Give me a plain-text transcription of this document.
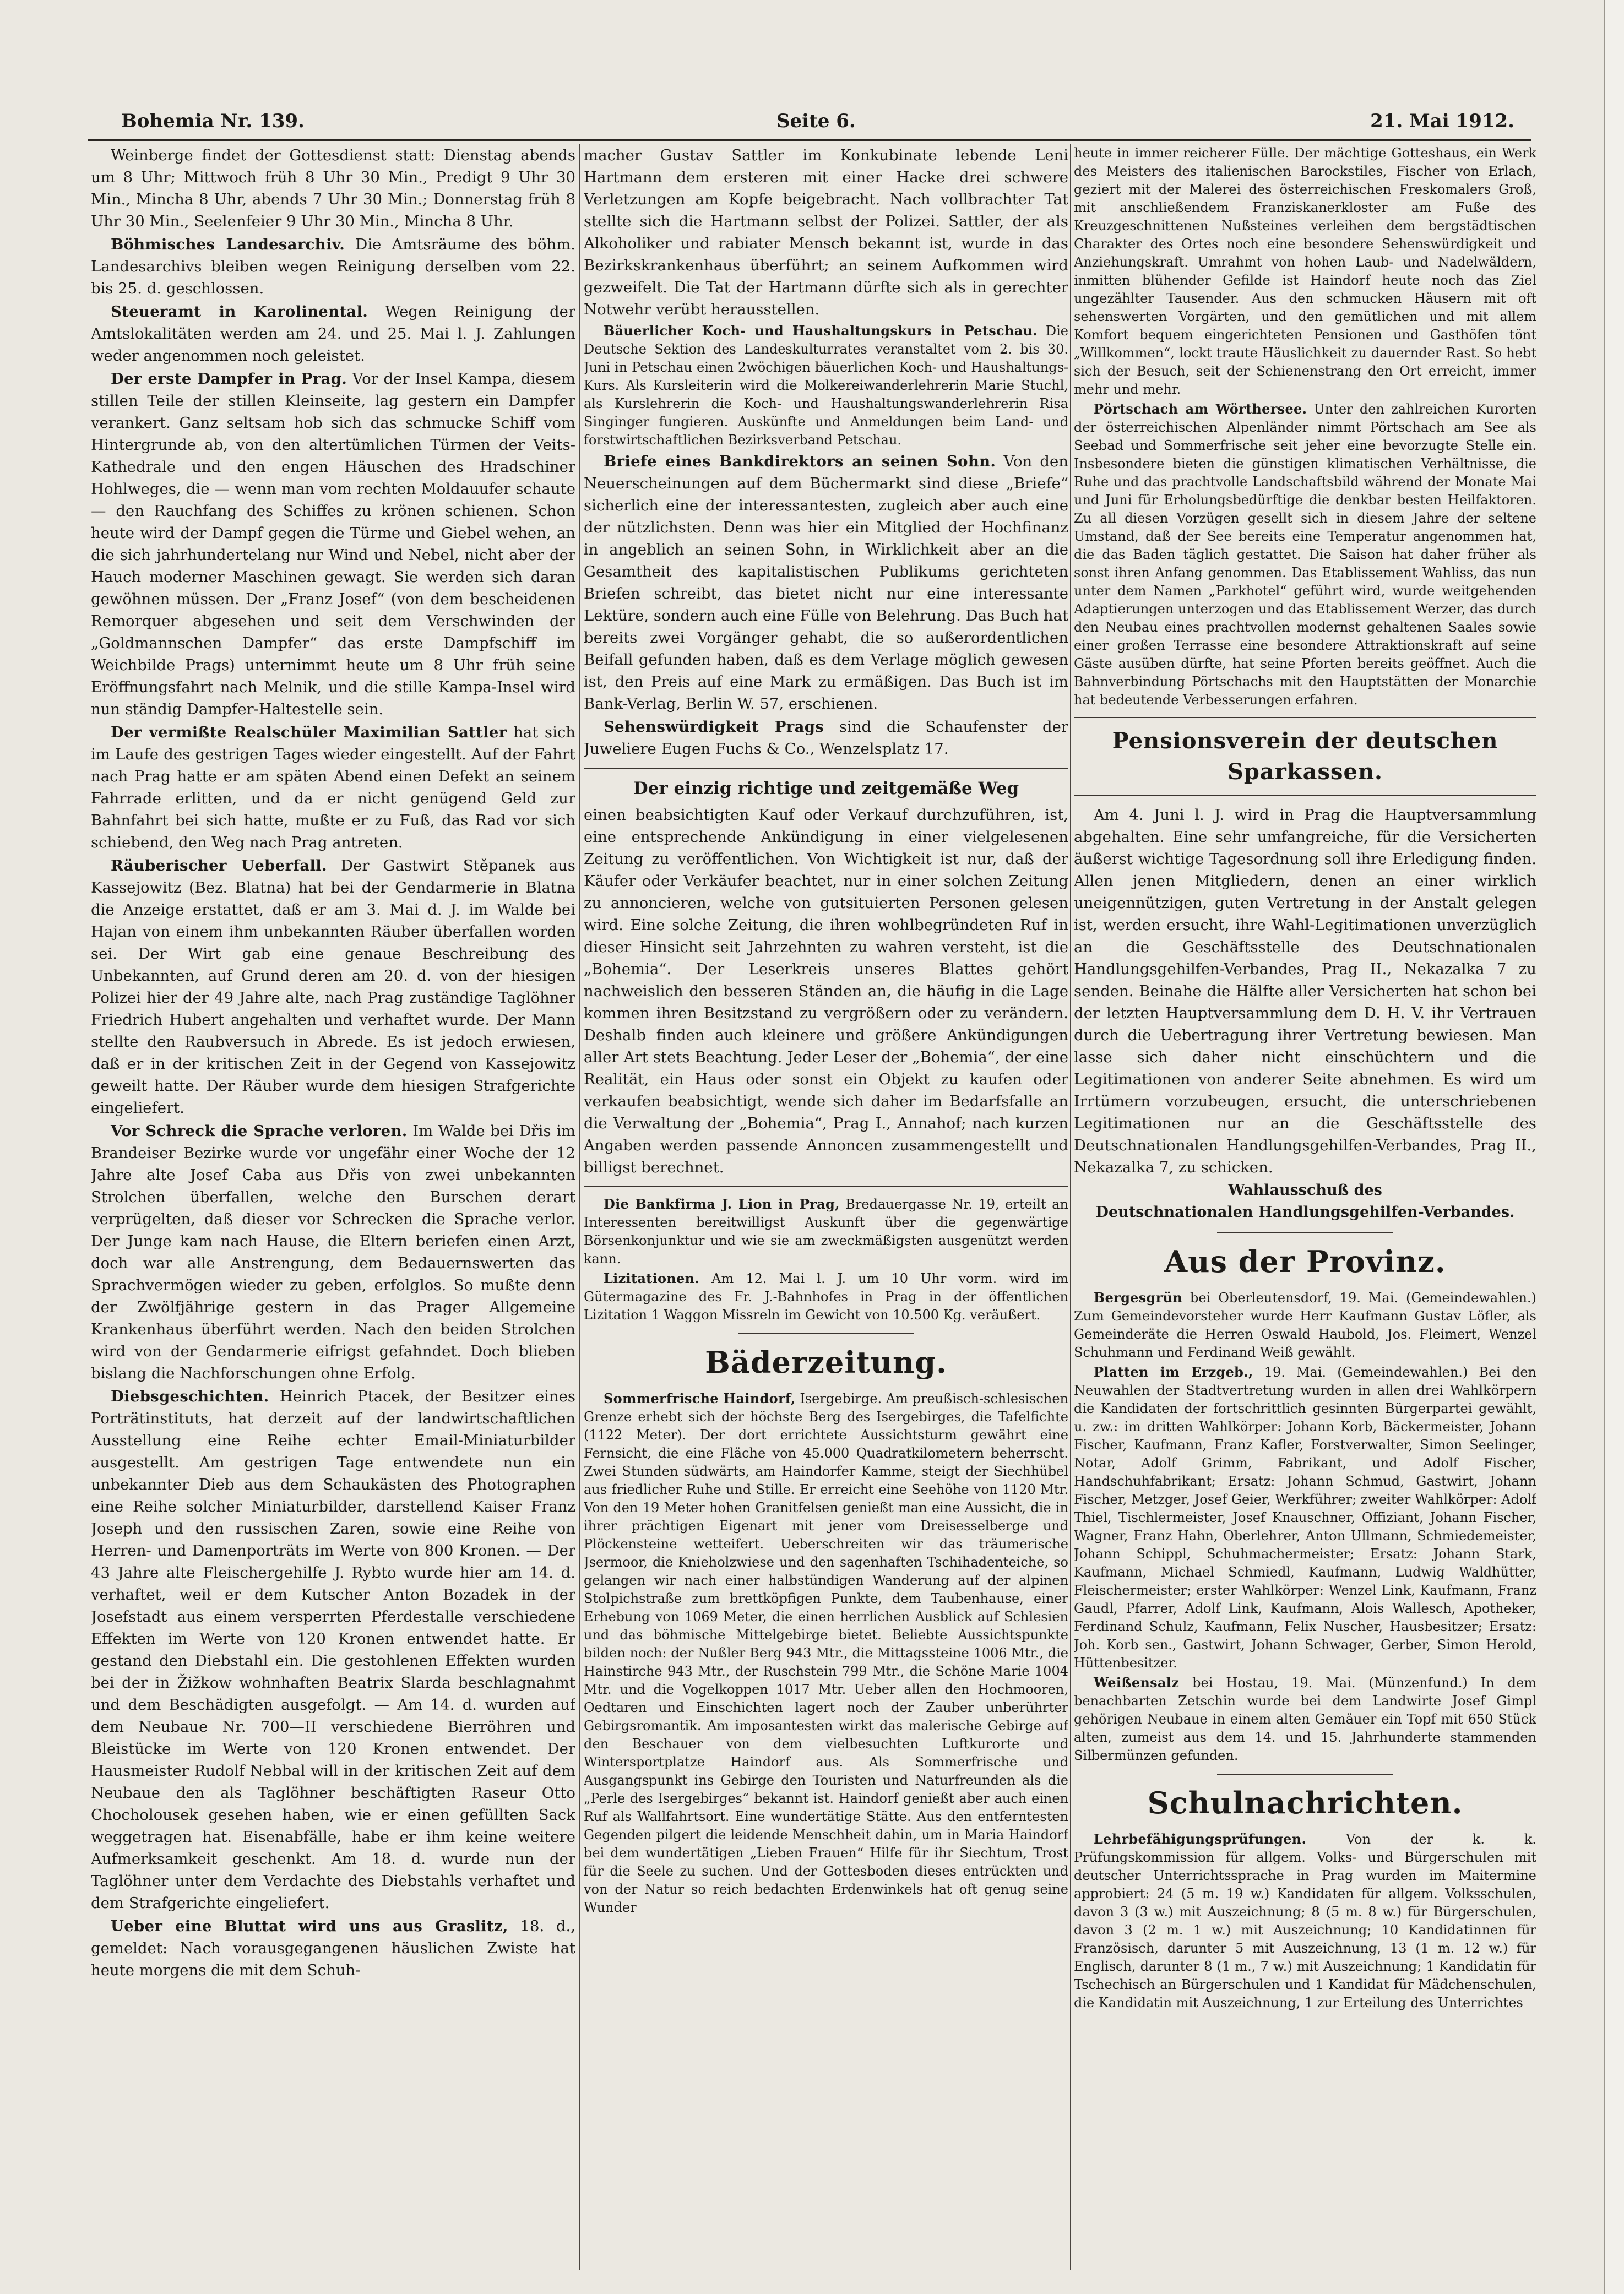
Bohemia Nr. 139.	Seite 6.	21. Mai 1912.

Weinberge findet der Gottesdienst statt: Dienstag abends um 8 Uhr; Mittwoch früh 8 Uhr 30 Min., Predigt 9 Uhr 30 Min., Mincha 8 Uhr, abends 7 Uhr 30 Min.; Donnerstag früh 8 Uhr 30 Min., Seelenfeier 9 Uhr 30 Min., Mincha 8 Uhr.

Böhmisches Landesarchiv. Die Amtsräume des böhm. Landesarchivs bleiben wegen Reinigung derselben vom 22. bis 25. d. geschlossen.

Steueramt in Karolinental. Wegen Reinigung der Amtslokalitäten werden am 24. und 25. Mai l. J. Zahlungen weder angenommen noch geleistet.

Der erste Dampfer in Prag. Vor der Insel Kampa, diesem stillen Teile der stillen Kleinseite, lag gestern ein Dampfer verankert. Ganz seltsam hob sich das schmucke Schiff vom Hintergrunde ab, von den altertümlichen Türmen der Veits-Kathedrale und den engen Häuschen des Hradschiner Hohlweges, die — wenn man vom rechten Moldauufer schaute — den Rauchfang des Schiffes zu krönen schienen. Schon heute wird der Dampf gegen die Türme und Giebel wehen, an die sich jahrhundertelang nur Wind und Nebel, nicht aber der Hauch moderner Maschinen gewagt. Sie werden sich daran gewöhnen müssen. Der „Franz Josef“ (von dem bescheidenen Remorquer abgesehen und seit dem Verschwinden der „Goldmannschen Dampfer“ das erste Dampfschiff im Weichbilde Prags) unternimmt heute um 8 Uhr früh seine Eröffnungsfahrt nach Melnik, und die stille Kampa-Insel wird nun ständig Dampfer-Haltestelle sein.

Der vermißte Realschüler Maximilian Sattler hat sich im Laufe des gestrigen Tages wieder eingestellt. Auf der Fahrt nach Prag hatte er am späten Abend einen Defekt an seinem Fahrrade erlitten, und da er nicht genügend Geld zur Bahnfahrt bei sich hatte, mußte er zu Fuß, das Rad vor sich schiebend, den Weg nach Prag antreten.

Räuberischer Ueberfall. Der Gastwirt Stěpanek aus Kassejowitz (Bez. Blatna) hat bei der Gendarmerie in Blatna die Anzeige erstattet, daß er am 3. Mai d. J. im Walde bei Hajan von einem ihm unbekannten Räuber überfallen worden sei. Der Wirt gab eine genaue Beschreibung des Unbekannten, auf Grund deren am 20. d. von der hiesigen Polizei hier der 49 Jahre alte, nach Prag zuständige Taglöhner Friedrich Hubert angehalten und verhaftet wurde. Der Mann stellte den Raubversuch in Abrede. Es ist jedoch erwiesen, daß er in der kritischen Zeit in der Gegend von Kassejowitz geweilt hatte. Der Räuber wurde dem hiesigen Strafgerichte eingeliefert.

Vor Schreck die Sprache verloren. Im Walde bei Dřis im Brandeiser Bezirke wurde vor ungefähr einer Woche der 12 Jahre alte Josef Caba aus Dřis von zwei unbekannten Strolchen überfallen, welche den Burschen derart verprügelten, daß dieser vor Schrecken die Sprache verlor. Der Junge kam nach Hause, die Eltern beriefen einen Arzt, doch war alle Anstrengung, dem Bedauernswerten das Sprachvermögen wieder zu geben, erfolglos. So mußte denn der Zwölfjährige gestern in das Prager Allgemeine Krankenhaus überführt werden. Nach den beiden Strolchen wird von der Gendarmerie eifrigst gefahndet. Doch blieben bislang die Nachforschungen ohne Erfolg.

Diebsgeschichten. Heinrich Ptacek, der Besitzer eines Porträtinstituts, hat derzeit auf der landwirtschaftlichen Ausstellung eine Reihe echter Email-Miniaturbilder ausgestellt. Am gestrigen Tage entwendete nun ein unbekannter Dieb aus dem Schaukästen des Photographen eine Reihe solcher Miniaturbilder, darstellend Kaiser Franz Joseph und den russischen Zaren, sowie eine Reihe von Herren- und Damenporträts im Werte von 800 Kronen. — Der 43 Jahre alte Fleischergehilfe J. Rybto wurde hier am 14. d. verhaftet, weil er dem Kutscher Anton Bozadek in der Josefstadt aus einem versperrten Pferdestalle verschiedene Effekten im Werte von 120 Kronen entwendet hatte. Er gestand den Diebstahl ein. Die gestohlenen Effekten wurden bei der in Žižkow wohnhaften Beatrix Slarda beschlagnahmt und dem Beschädigten ausgefolgt. — Am 14. d. wurden auf dem Neubaue Nr. 700—II verschiedene Bierröhren und Bleistücke im Werte von 120 Kronen entwendet. Der Hausmeister Rudolf Nebbal will in der kritischen Zeit auf dem Neubaue den als Taglöhner beschäftigten Raseur Otto Chocholousek gesehen haben, wie er einen gefüllten Sack weggetragen hat. Eisenabfälle, habe er ihm keine weitere Aufmerksamkeit geschenkt. Am 18. d. wurde nun der Taglöhner unter dem Verdachte des Diebstahls verhaftet und dem Strafgerichte eingeliefert.

Ueber eine Bluttat wird uns aus Graslitz, 18. d., gemeldet: Nach vorausgegangenen häuslichen Zwiste hat heute morgens die mit dem Schuh-

macher Gustav Sattler im Konkubinate lebende Leni Hartmann dem ersteren mit einer Hacke drei schwere Verletzungen am Kopfe beigebracht. Nach vollbrachter Tat stellte sich die Hartmann selbst der Polizei. Sattler, der als Alkoholiker und rabiater Mensch bekannt ist, wurde in das Bezirkskrankenhaus überführt; an seinem Aufkommen wird gezweifelt. Die Tat der Hartmann dürfte sich als in gerechter Notwehr verübt herausstellen.

Bäuerlicher Koch- und Haushaltungskurs in Petschau. Die Deutsche Sektion des Landeskulturrates veranstaltet vom 2. bis 30. Juni in Petschau einen 2wöchigen bäuerlichen Koch- und Haushaltungs-Kurs. Als Kursleiterin wird die Molkereiwanderlehrerin Marie Stuchl, als Kurslehrerin die Koch- und Haushaltungswanderlehrerin Risa Singinger fungieren. Auskünfte und Anmeldungen beim Land- und forstwirtschaftlichen Bezirksverband Petschau.

Briefe eines Bankdirektors an seinen Sohn. Von den Neuerscheinungen auf dem Büchermarkt sind diese „Briefe“ sicherlich eine der interessantesten, zugleich aber auch eine der nützlichsten. Denn was hier ein Mitglied der Hochfinanz in angeblich an seinen Sohn, in Wirklichkeit aber an die Gesamtheit des kapitalistischen Publikums gerichteten Briefen schreibt, das bietet nicht nur eine interessante Lektüre, sondern auch eine Fülle von Belehrung. Das Buch hat bereits zwei Vorgänger gehabt, die so außerordentlichen Beifall gefunden haben, daß es dem Verlage möglich gewesen ist, den Preis auf eine Mark zu ermäßigen. Das Buch ist im Bank-Verlag, Berlin W. 57, erschienen.

Sehenswürdigkeit Prags sind die Schaufenster der Juweliere Eugen Fuchs & Co., Wenzelsplatz 17.

Der einzig richtige und zeitgemäße Weg

einen beabsichtigten Kauf oder Verkauf durchzuführen, ist, eine entsprechende Ankündigung in einer vielgelesenen Zeitung zu veröffentlichen. Von Wichtigkeit ist nur, daß der Käufer oder Verkäufer beachtet, nur in einer solchen Zeitung zu annoncieren, welche von gutsituierten Personen gelesen wird. Eine solche Zeitung, die ihren wohlbegründeten Ruf in dieser Hinsicht seit Jahrzehnten zu wahren versteht, ist die „Bohemia“. Der Leserkreis unseres Blattes gehört nachweislich den besseren Ständen an, die häufig in die Lage kommen ihren Besitzstand zu vergrößern oder zu verändern. Deshalb finden auch kleinere und größere Ankündigungen aller Art stets Beachtung. Jeder Leser der „Bohemia“, der eine Realität, ein Haus oder sonst ein Objekt zu kaufen oder verkaufen beabsichtigt, wende sich daher im Bedarfsfalle an die Verwaltung der „Bohemia“, Prag I., Annahof; nach kurzen Angaben werden passende Annoncen zusammengestellt und billigst berechnet.

Die Bankfirma J. Lion in Prag, Bredauergasse Nr. 19, erteilt an Interessenten bereitwilligst Auskunft über die gegenwärtige Börsenkonjunktur und wie sie am zweckmäßigsten ausgenützt werden kann.

Lizitationen. Am 12. Mai l. J. um 10 Uhr vorm. wird im Gütermagazine des Fr. J.-Bahnhofes in Prag in der öffentlichen Lizitation 1 Waggon Missreln im Gewicht von 10.500 Kg. veräußert.

Bäderzeitung.

Sommerfrische Haindorf, Isergebirge. Am preußisch-schlesischen Grenze erhebt sich der höchste Berg des Isergebirges, die Tafelfichte (1122 Meter). Der dort errichtete Aussichtsturm gewährt eine Fernsicht, die eine Fläche von 45.000 Quadratkilometern beherrscht. Zwei Stunden südwärts, am Haindorfer Kamme, steigt der Siechhübel aus friedlicher Ruhe und Stille. Er erreicht eine Seehöhe von 1120 Mtr. Von den 19 Meter hohen Granitfelsen genießt man eine Aussicht, die in ihrer prächtigen Eigenart mit jener vom Dreisesselberge und Plöckensteine wetteifert. Ueberschreiten wir das träumerische Jsermoor, die Knieholzwiese und den sagenhaften Tschihadenteiche, so gelangen wir nach einer halbstündigen Wanderung auf der alpinen Stolpichstraße zum brettköpfigen Punkte, dem Taubenhause, einer Erhebung von 1069 Meter, die einen herrlichen Ausblick auf Schlesien und das böhmische Mittelgebirge bietet. Beliebte Aussichtspunkte bilden noch: der Nußler Berg 943 Mtr., die Mittagssteine 1006 Mtr., die Hainstirche 943 Mtr., der Ruschstein 799 Mtr., die Schöne Marie 1004 Mtr. und die Vogelkoppen 1017 Mtr. Ueber allen den Hochmooren, Oedtaren und Einschichten lagert noch der Zauber unberührter Gebirgsromantik. Am imposantesten wirkt das malerische Gebirge auf den Beschauer von dem vielbesuchten Luftkurorte und Wintersportplatze Haindorf aus. Als Sommerfrische und Ausgangspunkt ins Gebirge den Touristen und Naturfreunden als die „Perle des Isergebirges“ bekannt ist. Haindorf genießt aber auch einen Ruf als Wallfahrtsort. Eine wundertätige Stätte. Aus den entferntesten Gegenden pilgert die leidende Menschheit dahin, um in Maria Haindorf bei dem wundertätigen „Lieben Frauen“ Hilfe für ihr Siechtum, Trost für die Seele zu suchen. Und der Gottesboden dieses entrückten und von der Natur so reich bedachten Erdenwinkels hat oft genug seine Wunder

heute in immer reicherer Fülle. Der mächtige Gotteshaus, ein Werk des Meisters des italienischen Barockstiles, Fischer von Erlach, geziert mit der Malerei des österreichischen Freskomalers Groß, mit anschließendem Franziskanerkloster am Fuße des Kreuzgeschnittenen Nußsteines verleihen dem bergstädtischen Charakter des Ortes noch eine besondere Sehenswürdigkeit und Anziehungskraft. Umrahmt von hohen Laub- und Nadelwäldern, inmitten blühender Gefilde ist Haindorf heute noch das Ziel ungezählter Tausender. Aus den schmucken Häusern mit oft sehenswerten Vorgärten, und den gemütlichen und mit allem Komfort bequem eingerichteten Pensionen und Gasthöfen tönt „Willkommen“, lockt traute Häuslichkeit zu dauernder Rast. So hebt sich der Besuch, seit der Schienenstrang den Ort erreicht, immer mehr und mehr.

Pörtschach am Wörthersee. Unter den zahlreichen Kurorten der österreichischen Alpenländer nimmt Pörtschach am See als Seebad und Sommerfrische seit jeher eine bevorzugte Stelle ein. Insbesondere bieten die günstigen klimatischen Verhältnisse, die Ruhe und das prachtvolle Landschaftsbild während der Monate Mai und Juni für Erholungsbedürftige die denkbar besten Heilfaktoren. Zu all diesen Vorzügen gesellt sich in diesem Jahre der seltene Umstand, daß der See bereits eine Temperatur angenommen hat, die das Baden täglich gestattet. Die Saison hat daher früher als sonst ihren Anfang genommen. Das Etablissement Wahliss, das nun unter dem Namen „Parkhotel“ geführt wird, wurde weitgehenden Adaptierungen unterzogen und das Etablissement Werzer, das durch den Neubau eines prachtvollen modernst gehaltenen Saales sowie einer großen Terrasse eine besondere Attraktionskraft auf seine Gäste ausüben dürfte, hat seine Pforten bereits geöffnet. Auch die Bahnverbindung Pörtschachs mit den Hauptstätten der Monarchie hat bedeutende Verbesserungen erfahren.

Pensionsverein der deutschen Sparkassen.

Am 4. Juni l. J. wird in Prag die Hauptversammlung abgehalten. Eine sehr umfangreiche, für die Versicherten äußerst wichtige Tagesordnung soll ihre Erledigung finden. Allen jenen Mitgliedern, denen an einer wirklich uneigennützigen, guten Vertretung in der Anstalt gelegen ist, werden ersucht, ihre Wahl-Legitimationen unverzüglich an die Geschäftsstelle des Deutschnationalen Handlungsgehilfen-Verbandes, Prag II., Nekazalka 7 zu senden. Beinahe die Hälfte aller Versicherten hat schon bei der letzten Hauptversammlung dem D. H. V. ihr Vertrauen durch die Uebertragung ihrer Vertretung bewiesen. Man lasse sich daher nicht einschüchtern und die Legitimationen von anderer Seite abnehmen. Es wird um Irrtümern vorzubeugen, ersucht, die unterschriebenen Legitimationen nur an die Geschäftsstelle des Deutschnationalen Handlungsgehilfen-Verbandes, Prag II., Nekazalka 7, zu schicken.

Wahlausschuß des
Deutschnationalen Handlungsgehilfen-Verbandes.
Aus der Provinz.

Bergesgrün bei Oberleutensdorf, 19. Mai. (Gemeindewahlen.) Zum Gemeindevorsteher wurde Herr Kaufmann Gustav Löfler, als Gemeinderäte die Herren Oswald Haubold, Jos. Fleimert, Wenzel Schuhmann und Ferdinand Weiß gewählt.

Platten im Erzgeb., 19. Mai. (Gemeindewahlen.) Bei den Neuwahlen der Stadtvertretung wurden in allen drei Wahlkörpern die Kandidaten der fortschrittlich gesinnten Bürgerpartei gewählt, u. zw.: im dritten Wahlkörper: Johann Korb, Bäckermeister, Johann Fischer, Kaufmann, Franz Kafler, Forstverwalter, Simon Seelinger, Notar, Adolf Grimm, Fabrikant, und Adolf Fischer, Handschuhfabrikant; Ersatz: Johann Schmud, Gastwirt, Johann Fischer, Metzger, Josef Geier, Werkführer; zweiter Wahlkörper: Adolf Thiel, Tischlermeister, Josef Knauschner, Offiziant, Johann Fischer, Wagner, Franz Hahn, Oberlehrer, Anton Ullmann, Schmiedemeister, Johann Schippl, Schuhmachermeister; Ersatz: Johann Stark, Kaufmann, Michael Schmiedl, Kaufmann, Ludwig Waldhütter, Fleischermeister; erster Wahlkörper: Wenzel Link, Kaufmann, Franz Gaudl, Pfarrer, Adolf Link, Kaufmann, Alois Wallesch, Apotheker, Ferdinand Schulz, Kaufmann, Felix Nuscher, Hausbesitzer; Ersatz: Joh. Korb sen., Gastwirt, Johann Schwager, Gerber, Simon Herold, Hüttenbesitzer.

Weißensalz bei Hostau, 19. Mai. (Münzenfund.) In dem benachbarten Zetschin wurde bei dem Landwirte Josef Gimpl gehörigen Neubaue in einem alten Gemäuer ein Topf mit 650 Stück alten, zumeist aus dem 14. und 15. Jahrhunderte stammenden Silbermünzen gefunden.

Schulnachrichten.

Lehrbefähigungsprüfungen.	Von der k. k. Prüfungskommission für allgem. Volks- und Bürgerschulen mit deutscher Unterrichtssprache in Prag wurden im Maitermine approbiert: 24 (5 m. 19 w.) Kandidaten für allgem. Volksschulen, davon 3 (3 w.) mit Auszeichnung; 8 (5 m. 8 w.) für Bürgerschulen, davon 3 (2 m. 1 w.) mit Auszeichnung; 10 Kandidatinnen für Französisch, darunter 5 mit Auszeichnung, 13 (1 m. 12 w.) für Englisch, darunter 8 (1 m., 7 w.) mit Auszeichnung; 1 Kandidatin für Tschechisch an Bürgerschulen und 1 Kandidat für Mädchenschulen, die Kandidatin mit Auszeichnung, 1 zur Erteilung des Unterrichtes
